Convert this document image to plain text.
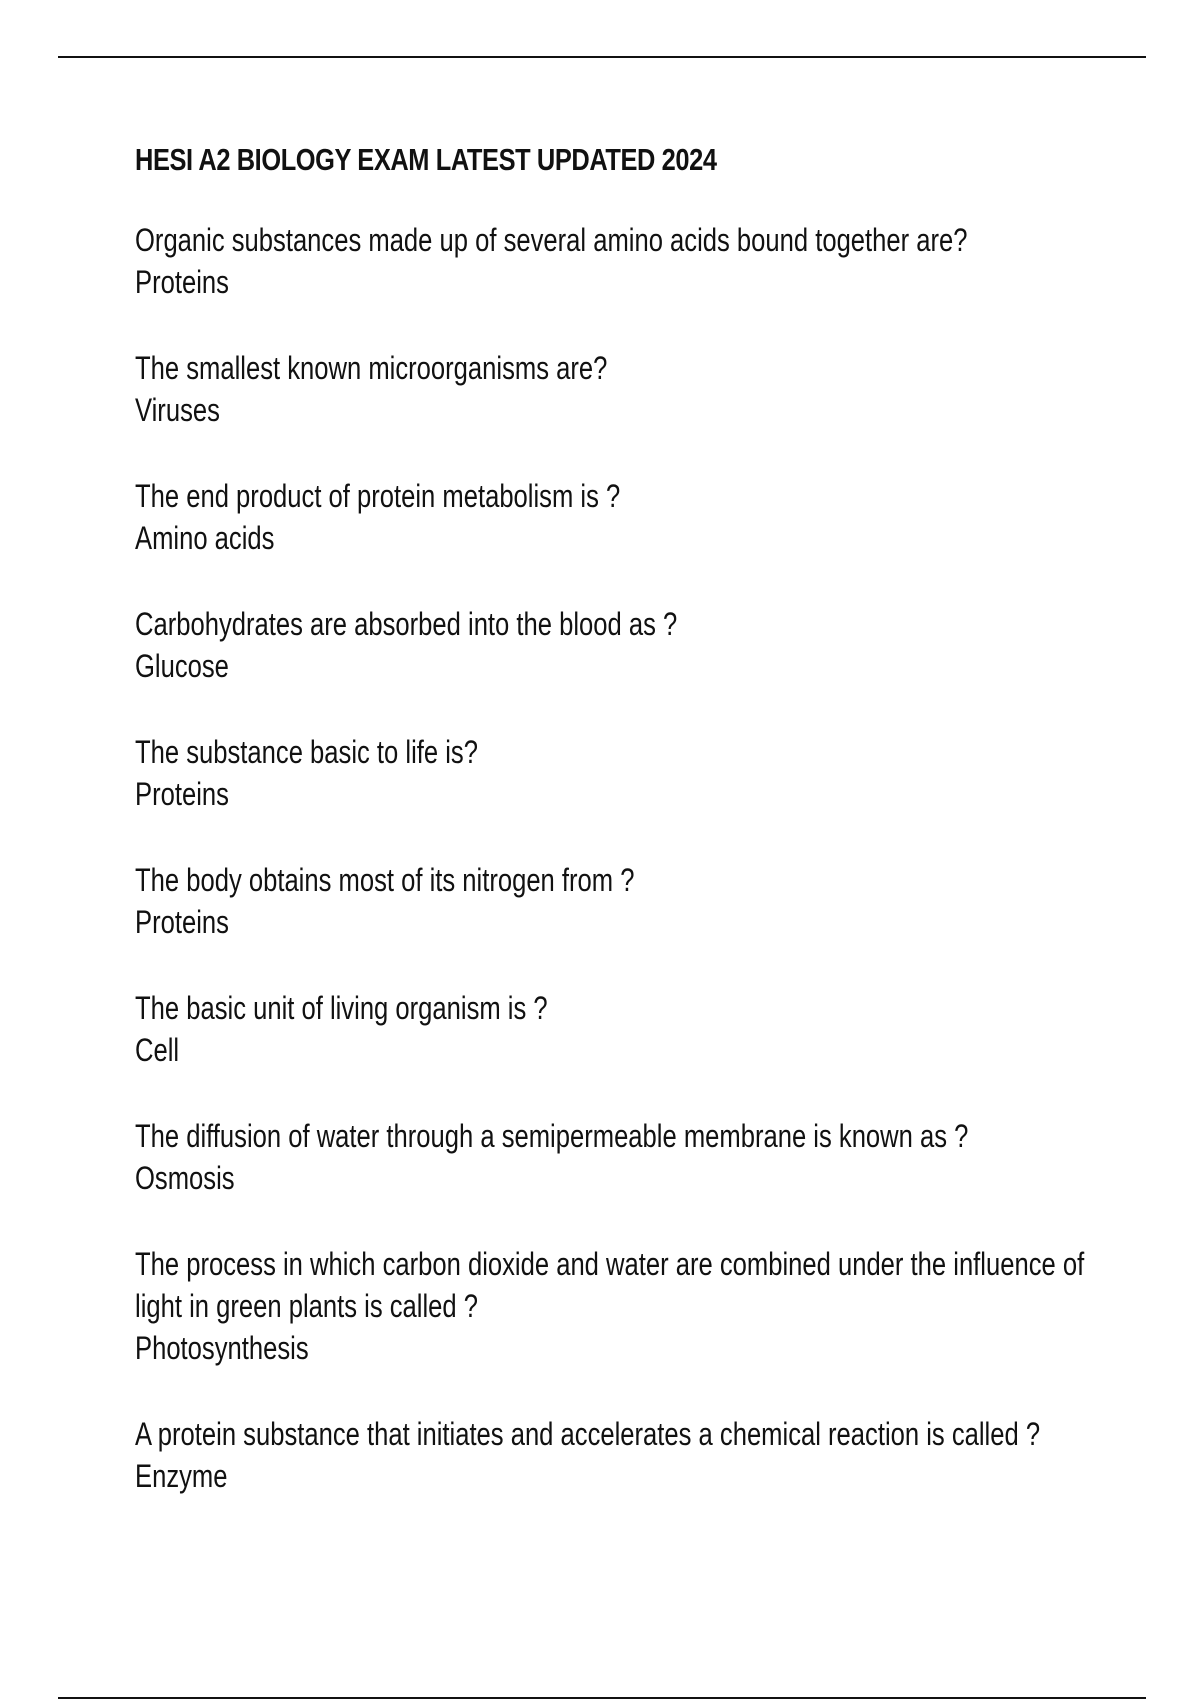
HESI A2 BIOLOGY EXAM LATEST UPDATED 2024
Organic substances made up of several amino acids bound together are?
Proteins
The smallest known microorganisms are?
Viruses
The end product of protein metabolism is ?
Amino acids
Carbohydrates are absorbed into the blood as ?
Glucose
The substance basic to life is?
Proteins
The body obtains most of its nitrogen from ?
Proteins
The basic unit of living organism is ?
Cell
The diffusion of water through a semipermeable membrane is known as ?
Osmosis
The process in which carbon dioxide and water are combined under the influence of light in green plants is called ?
Photosynthesis
A protein substance that initiates and accelerates a chemical reaction is called ?
Enzyme
